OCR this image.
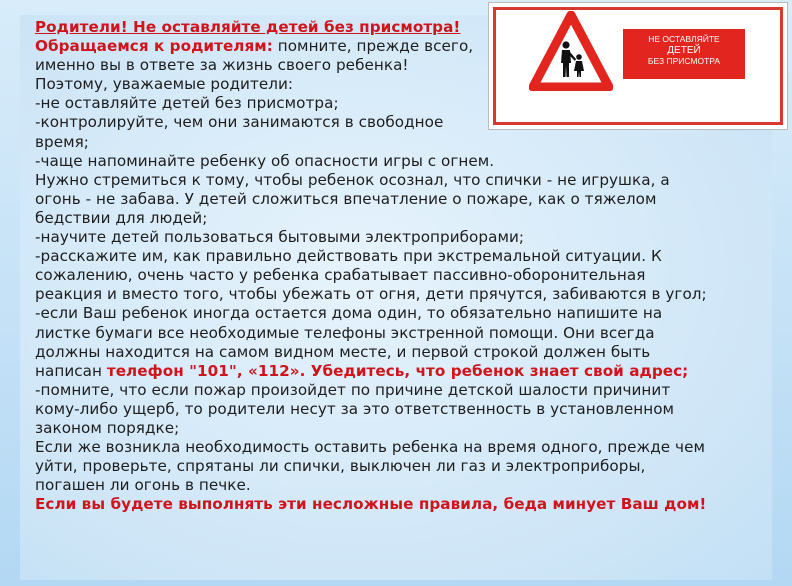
Родители! Не оставляйте детей без присмотра!
Обращаемся к родителям: помните, прежде всего,
именно вы в ответе за жизнь своего ребенка!
Поэтому, уважаемые родители:
-не оставляйте детей без присмотра;
-контролируйте, чем они занимаются в свободное
время;
-чаще напоминайте ребенку об опасности игры с огнем.
Нужно стремиться к тому, чтобы ребенок осознал, что спички - не игрушка, а
огонь - не забава. У детей сложиться впечатление о пожаре, как о тяжелом
бедствии для людей;
-научите детей пользоваться бытовыми электроприборами;
-расскажите им, как правильно действовать при экстремальной ситуации. К
сожалению, очень часто у ребенка срабатывает пассивно-оборонительная
реакция и вместо того, чтобы убежать от огня, дети прячутся, забиваются в угол;
-если Ваш ребенок иногда остается дома один, то обязательно напишите на
листке бумаги все необходимые телефоны экстренной помощи. Они всегда
должны находится на самом видном месте, и первой строкой должен быть
написан телефон "101", «112». Убедитесь, что ребенок знает свой адрес;
-помните, что если пожар произойдет по причине детской шалости причинит
кому-либо ущерб, то родители несут за это ответственность в установленном
законом порядке;
Если же возникла необходимость оставить ребенка на время одного, прежде чем
уйти, проверьте, спрятаны ли спички, выключен ли газ и электроприборы,
погашен ли огонь в печке.
Если вы будете выполнять эти несложные правила, беда минует Ваш дом!
НЕ ОСТАВЛЯЙТЕ
ДЕТЕЙ
БЕЗ ПРИСМОТРА
